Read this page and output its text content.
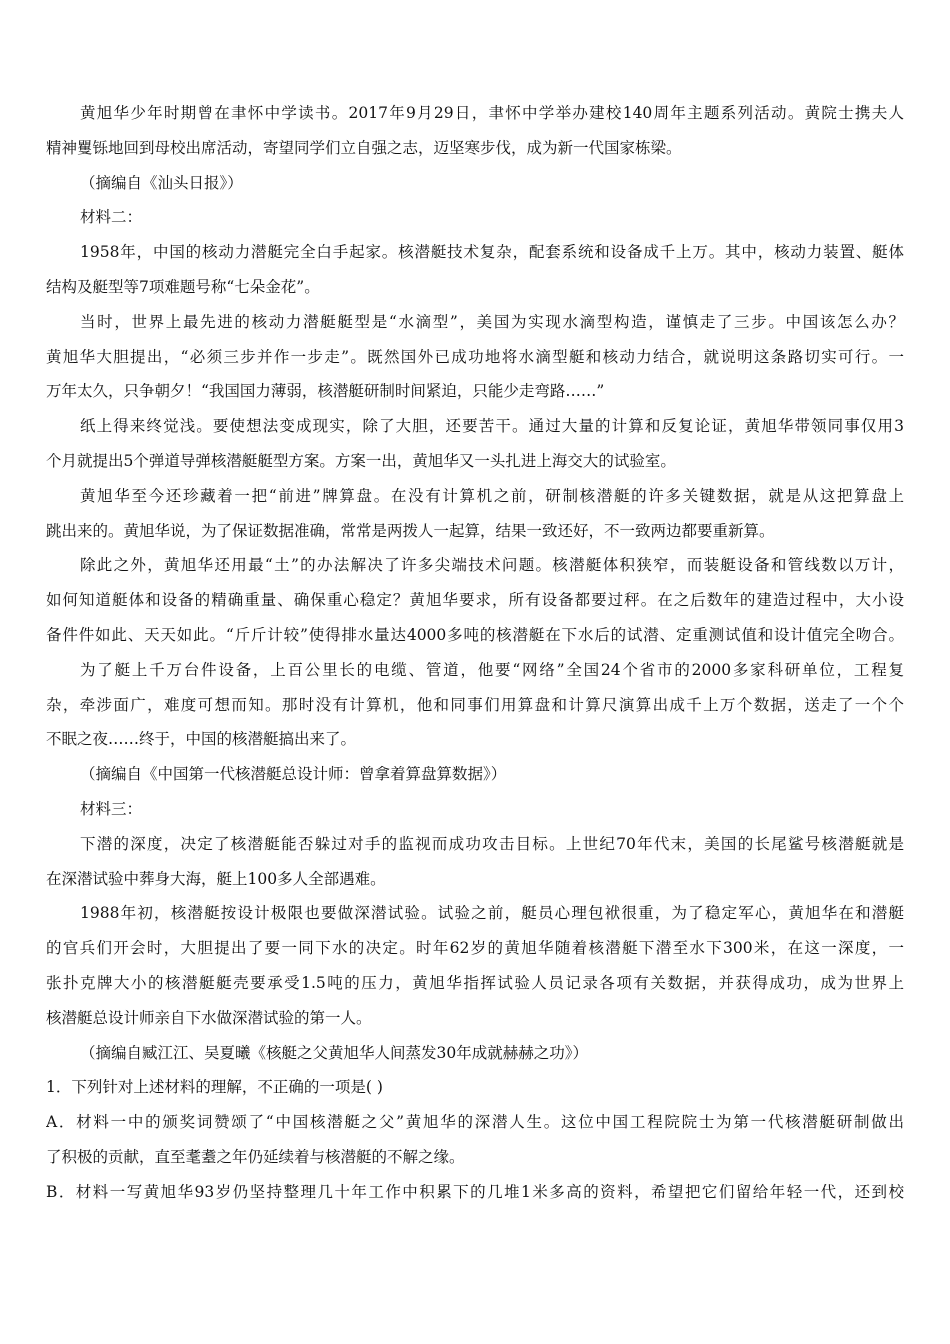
黄旭华少年时期曾在聿怀中学读书。2017年9月29日，聿怀中学举办建校140周年主题系列活动。黄院士携夫人
精神矍铄地回到母校出席活动，寄望同学们立自强之志，迈坚寒步伐，成为新一代国家栋梁。
（摘编自《汕头日报》）
材料二：
1958年，中国的核动力潜艇完全白手起家。核潜艇技术复杂，配套系统和设备成千上万。其中，核动力装置、艇体
结构及艇型等7项难题号称“七朵金花”。
当时，世界上最先进的核动力潜艇艇型是“水滴型”，美国为实现水滴型构造，谨慎走了三步。中国该怎么办？
黄旭华大胆提出，“必须三步并作一步走”。既然国外已成功地将水滴型艇和核动力结合，就说明这条路切实可行。一
万年太久，只争朝夕！“我国国力薄弱，核潜艇研制时间紧迫，只能少走弯路……”
纸上得来终觉浅。要使想法变成现实，除了大胆，还要苦干。通过大量的计算和反复论证，黄旭华带领同事仅用3
个月就提出5个弹道导弹核潜艇艇型方案。方案一出，黄旭华又一头扎进上海交大的试验室。
黄旭华至今还珍藏着一把“前进”牌算盘。在没有计算机之前，研制核潜艇的许多关键数据，就是从这把算盘上
跳出来的。黄旭华说，为了保证数据准确，常常是两拨人一起算，结果一致还好，不一致两边都要重新算。
除此之外，黄旭华还用最“土”的办法解决了许多尖端技术问题。核潜艇体积狭窄，而装艇设备和管线数以万计，
如何知道艇体和设备的精确重量、确保重心稳定？黄旭华要求，所有设备都要过秤。在之后数年的建造过程中，大小设
备件件如此、天天如此。“斤斤计较”使得排水量达4000多吨的核潜艇在下水后的试潜、定重测试值和设计值完全吻合。
为了艇上千万台件设备，上百公里长的电缆、管道，他要“网络”全国24个省市的2000多家科研单位，工程复
杂，牵涉面广，难度可想而知。那时没有计算机，他和同事们用算盘和计算尺演算出成千上万个数据，送走了一个个
不眠之夜……终于，中国的核潜艇搞出来了。
（摘编自《中国第一代核潜艇总设计师：曾拿着算盘算数据》）
材料三：
下潜的深度，决定了核潜艇能否躲过对手的监视而成功攻击目标。上世纪70年代末，美国的长尾鲨号核潜艇就是
在深潜试验中葬身大海，艇上100多人全部遇难。
1988年初，核潜艇按设计极限也要做深潜试验。试验之前，艇员心理包袱很重，为了稳定军心，黄旭华在和潜艇
的官兵们开会时，大胆提出了要一同下水的决定。时年62岁的黄旭华随着核潜艇下潜至水下300米，在这一深度，一
张扑克牌大小的核潜艇艇壳要承受1.5吨的压力，黄旭华指挥试验人员记录各项有关数据，并获得成功，成为世界上
核潜艇总设计师亲自下水做深潜试验的第一人。
（摘编自臧江江、吴夏曦《核艇之父黄旭华人间蒸发30年成就赫赫之功》）
1．下列针对上述材料的理解，不正确的一项是( )
A．材料一中的颁奖词赞颂了“中国核潜艇之父”黄旭华的深潜人生。这位中国工程院院士为第一代核潜艇研制做出
了积极的贡献，直至耄耋之年仍延续着与核潜艇的不解之缘。
B．材料一写黄旭华93岁仍坚持整理几十年工作中积累下的几堆1米多高的资料，希望把它们留给年轻一代，还到校
